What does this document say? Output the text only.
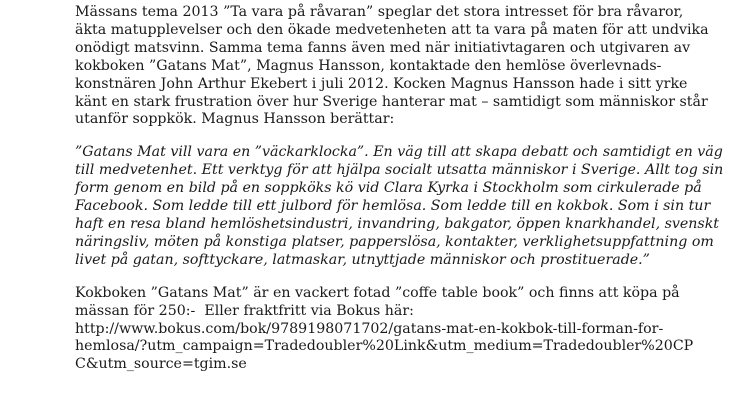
Mässans tema 2013 ”Ta vara på råvaran” speglar det stora intresset för bra råvaror,
äkta matupplevelser och den ökade medvetenheten att ta vara på maten för att undvika
onödigt matsvinn. Samma tema fanns även med när initiativtagaren och utgivaren av
kokboken ”Gatans Mat”, Magnus Hansson, kontaktade den hemlöse överlevnads-
konstnären John Arthur Ekebert i juli 2012. Kocken Magnus Hansson hade i sitt yrke
känt en stark frustration över hur Sverige hanterar mat – samtidigt som människor står
utanför soppkök. Magnus Hansson berättar:

”Gatans Mat vill vara en ”väckarklocka”. En väg till att skapa debatt och samtidigt en väg
till medvetenhet. Ett verktyg för att hjälpa socialt utsatta människor i Sverige. Allt tog sin
form genom en bild på en soppköks kö vid Clara Kyrka i Stockholm som cirkulerade på
Facebook. Som ledde till ett julbord för hemlösa. Som ledde till en kokbok. Som i sin tur
haft en resa bland hemlöshetsindustri, invandring, bakgator, öppen knarkhandel, svenskt
näringsliv, möten på konstiga platser, papperslösa, kontakter, verklighetsuppfattning om
livet på gatan, softtyckare, latmaskar, utnyttjade människor och prostituerade.”

Kokboken ”Gatans Mat” är en vackert fotad ”coffe table book” och finns att köpa på
mässan för 250:-  Eller fraktfritt via Bokus här:
http://www.bokus.com/bok/9789198071702/gatans-mat-en-kokbok-till-forman-for-
hemlosa/?utm_campaign=Tradedoubler%20Link&utm_medium=Tradedoubler%20CP
C&utm_source=tgim.se
